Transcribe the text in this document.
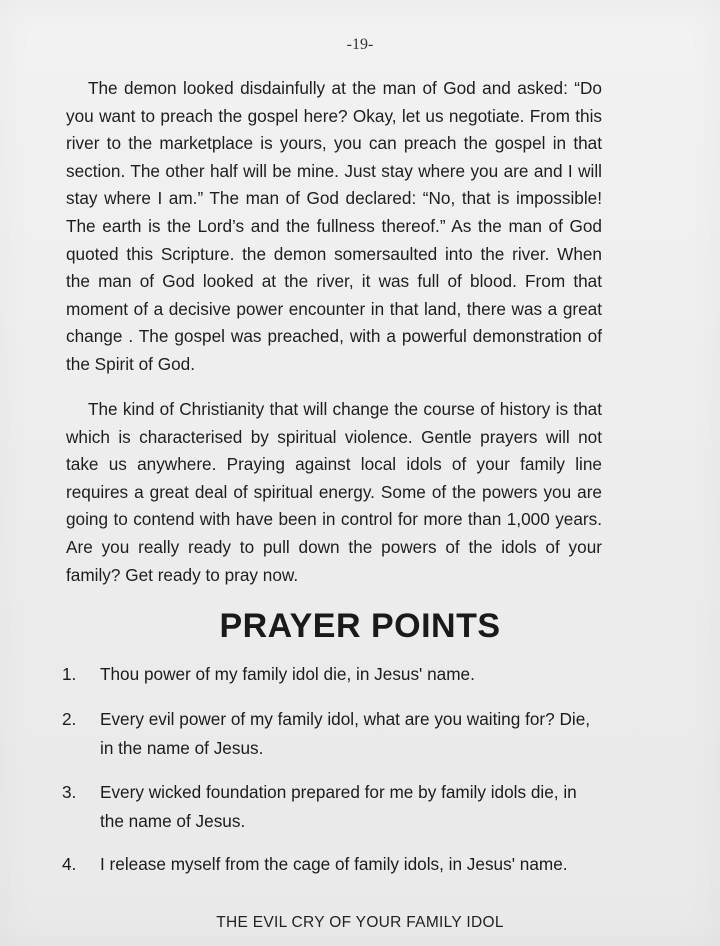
-19-

The demon looked disdainfully at the man of God and asked: “Do you want to preach the gospel here? Okay, let us negotiate. From this river to the marketplace is yours, you can preach the gospel in that section. The other half will be mine. Just stay where you are and I will stay where I am.” The man of God declared: “No, that is impossible! The earth is the Lord’s and the fullness thereof.” As the man of God quoted this Scripture. the demon somersaulted into the river. When the man of God looked at the river, it was full of blood. From that moment of a decisive power encounter in that land, there was a great change . The gospel was preached, with a powerful demonstration of the Spirit of God.

The kind of Christianity that will change the course of history is that which is characterised by spiritual violence. Gentle prayers will not take us anywhere. Praying against local idols of your family line requires a great deal of spiritual energy. Some of the powers you are going to contend with have been in control for more than 1,000 years. Are you really ready to pull down the powers of the idols of your family? Get ready to pray now.

PRAYER POINTS
1.	Thou power of my family idol die, in Jesus' name.
2.	Every evil power of my family idol, what are you waiting for? Die, in the name of Jesus.
3.	Every wicked foundation prepared for me by family idols die, in the name of Jesus.
4.	I release myself from the cage of family idols, in Jesus' name.
THE EVIL CRY OF YOUR FAMILY IDOL
